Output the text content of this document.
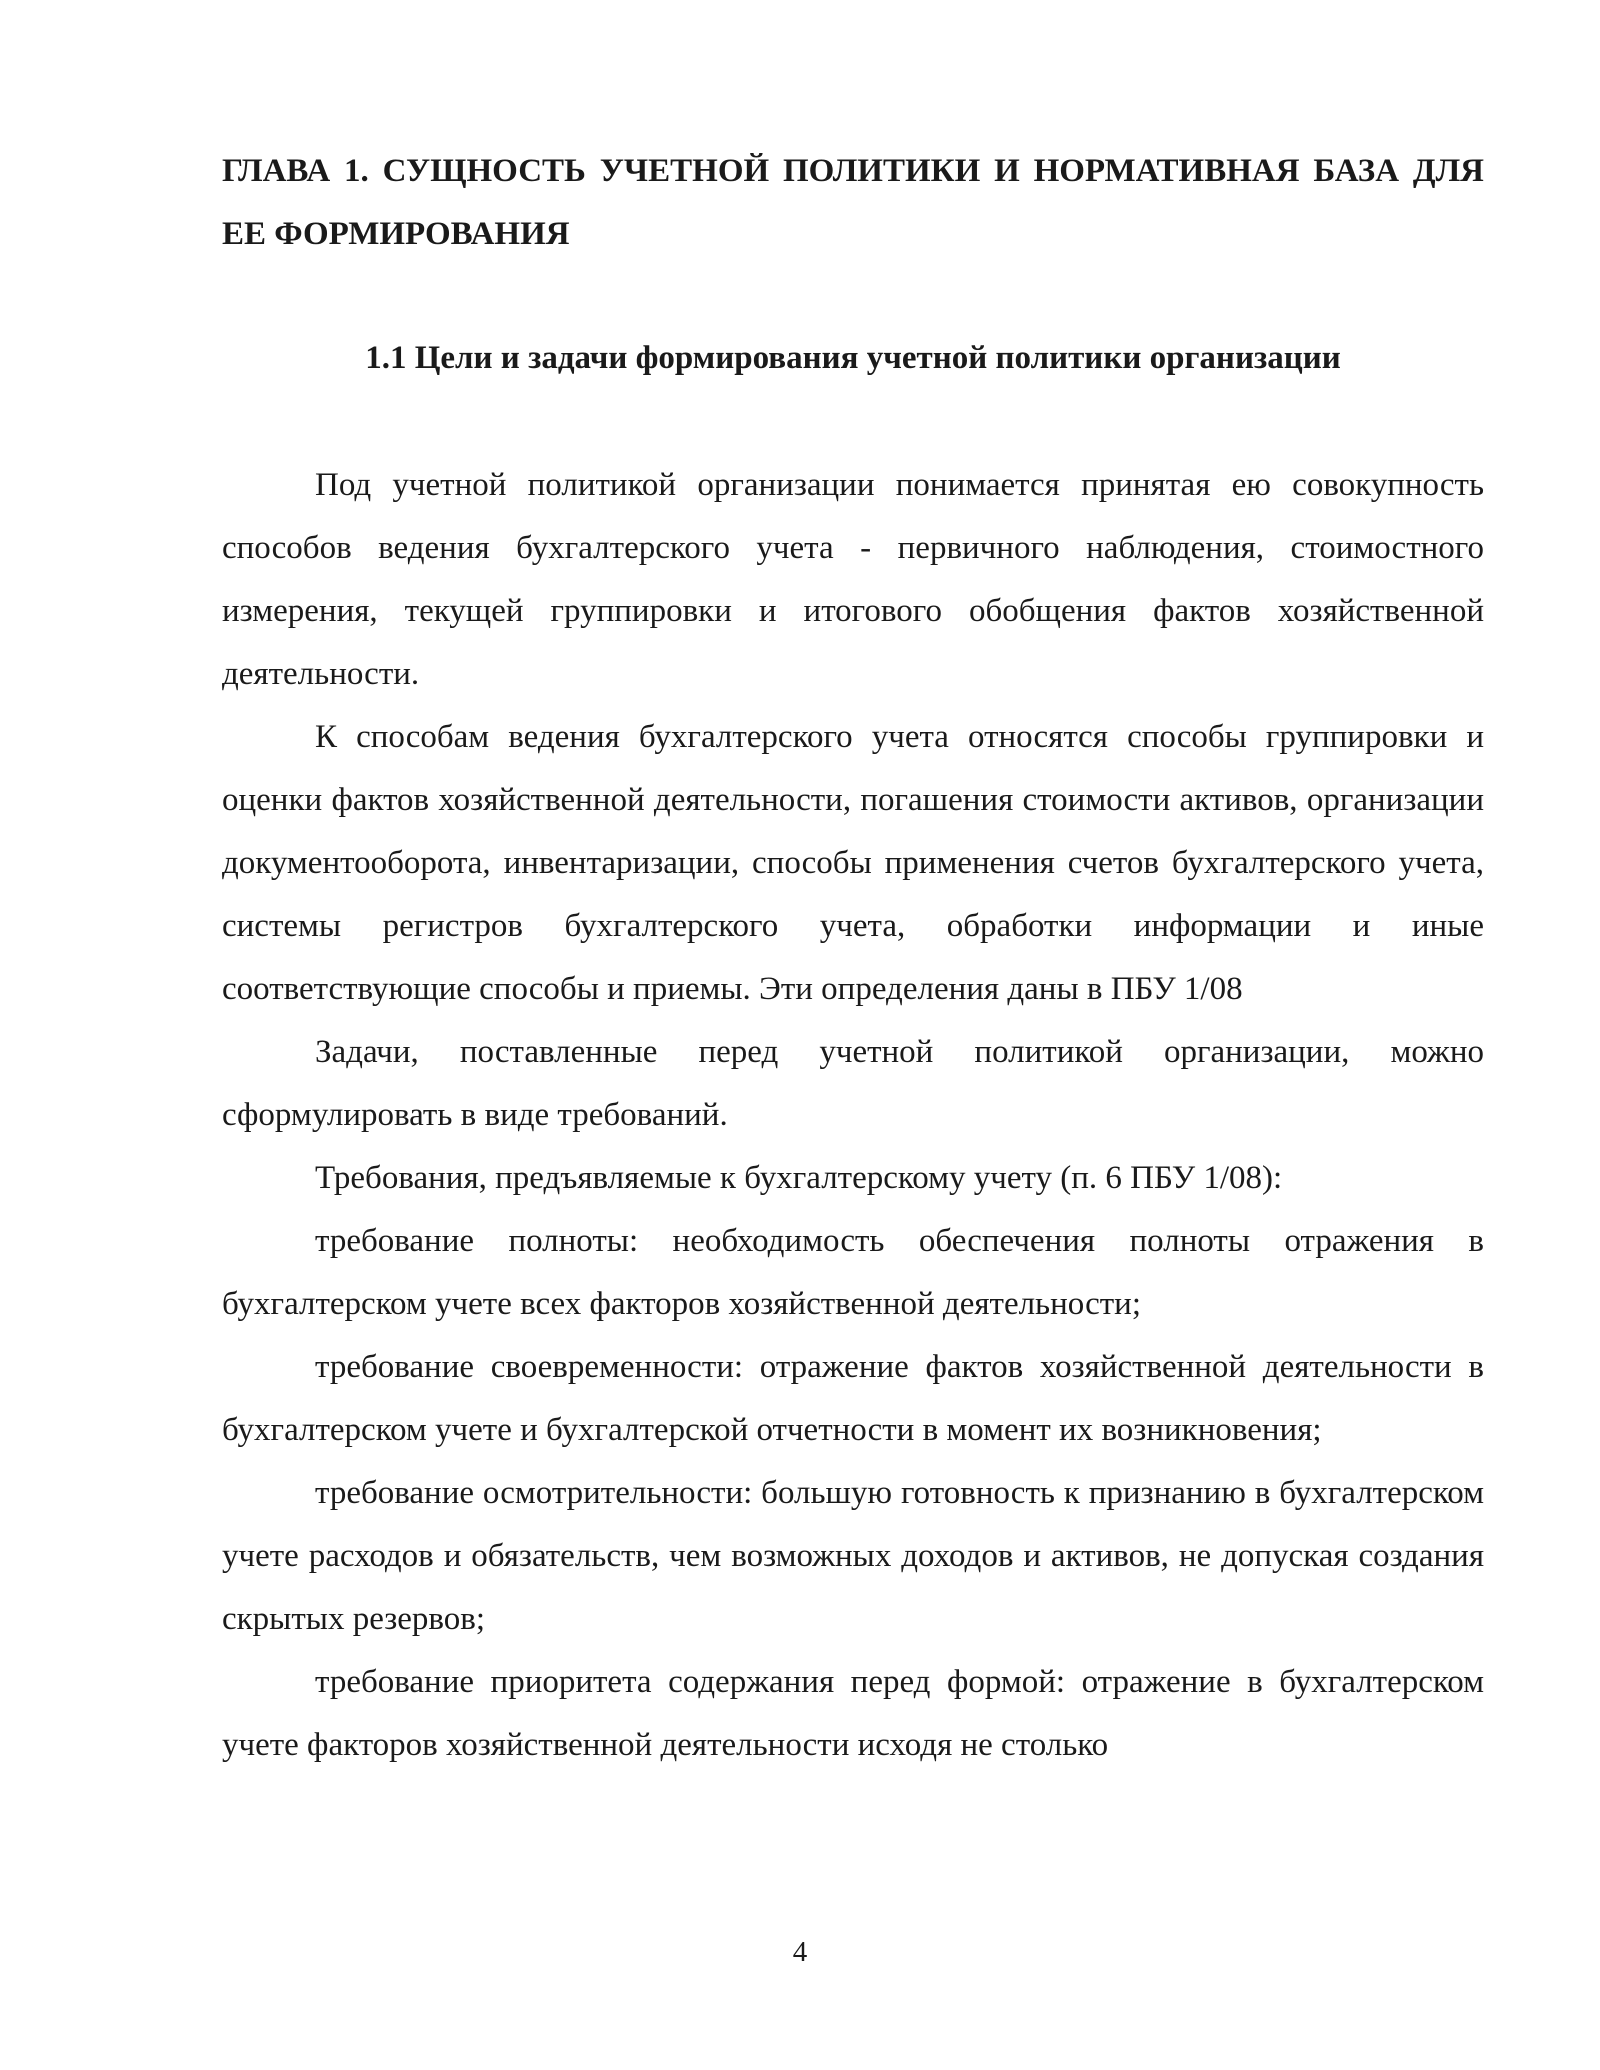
ГЛАВА 1. СУЩНОСТЬ УЧЕТНОЙ ПОЛИТИКИ И НОРМАТИВНАЯ БАЗА ДЛЯ ЕЕ ФОРМИРОВАНИЯ
1.1 Цели и задачи формирования учетной политики организации

Под учетной политикой организации понимается принятая ею совокупность способов ведения бухгалтерского учета - первичного наблюдения, стоимостного измерения, текущей группировки и итогового обобщения фактов хозяйственной деятельности.

К способам ведения бухгалтерского учета относятся способы группировки и оценки фактов хозяйственной деятельности, погашения стоимости активов, организации документооборота, инвентаризации, способы применения счетов бухгалтерского учета, системы регистров бухгалтерского учета, обработки информации и иные соответствующие способы и приемы. Эти определения даны в ПБУ 1/08

Задачи, поставленные перед учетной политикой организации, можно сформулировать в виде требований.

Требования, предъявляемые к бухгалтерскому учету (п. 6 ПБУ 1/08):

требование полноты: необходимость обеспечения полноты отражения в бухгалтерском учете всех факторов хозяйственной деятельности;

требование своевременности: отражение фактов хозяйственной деятельности в бухгалтерском учете и бухгалтерской отчетности в момент их возникновения;

требование осмотрительности: большую готовность к признанию в бухгалтерском учете расходов и обязательств, чем возможных доходов и активов, не допуская создания скрытых резервов;

требование приоритета содержания перед формой: отражение в бухгалтерском учете факторов хозяйственной деятельности исходя не столько

4
